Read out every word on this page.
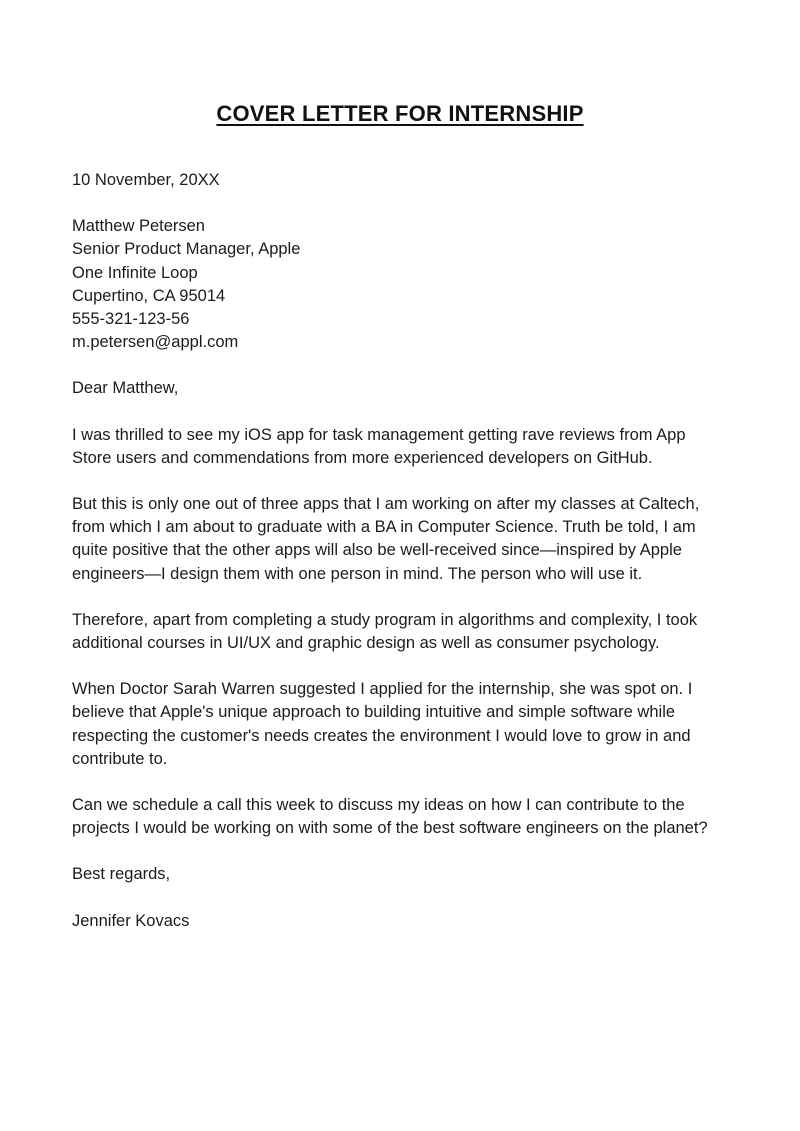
COVER LETTER FOR INTERNSHIP

10 November, 20XX

Matthew Petersen
Senior Product Manager, Apple
One Infinite Loop
Cupertino, CA 95014
555-321-123-56
m.petersen@appl.com

Dear Matthew,

I was thrilled to see my iOS app for task management getting rave reviews from App Store users and commendations from more experienced developers on GitHub.

But this is only one out of three apps that I am working on after my classes at Caltech, from which I am about to graduate with a BA in Computer Science. Truth be told, I am quite positive that the other apps will also be well-received since—inspired by Apple engineers—I design them with one person in mind. The person who will use it.

Therefore, apart from completing a study program in algorithms and complexity, I took additional courses in UI/UX and graphic design as well as consumer psychology.

When Doctor Sarah Warren suggested I applied for the internship, she was spot on. I believe that Apple's unique approach to building intuitive and simple software while respecting the customer's needs creates the environment I would love to grow in and contribute to.

Can we schedule a call this week to discuss my ideas on how I can contribute to the projects I would be working on with some of the best software engineers on the planet?

Best regards,

Jennifer Kovacs
